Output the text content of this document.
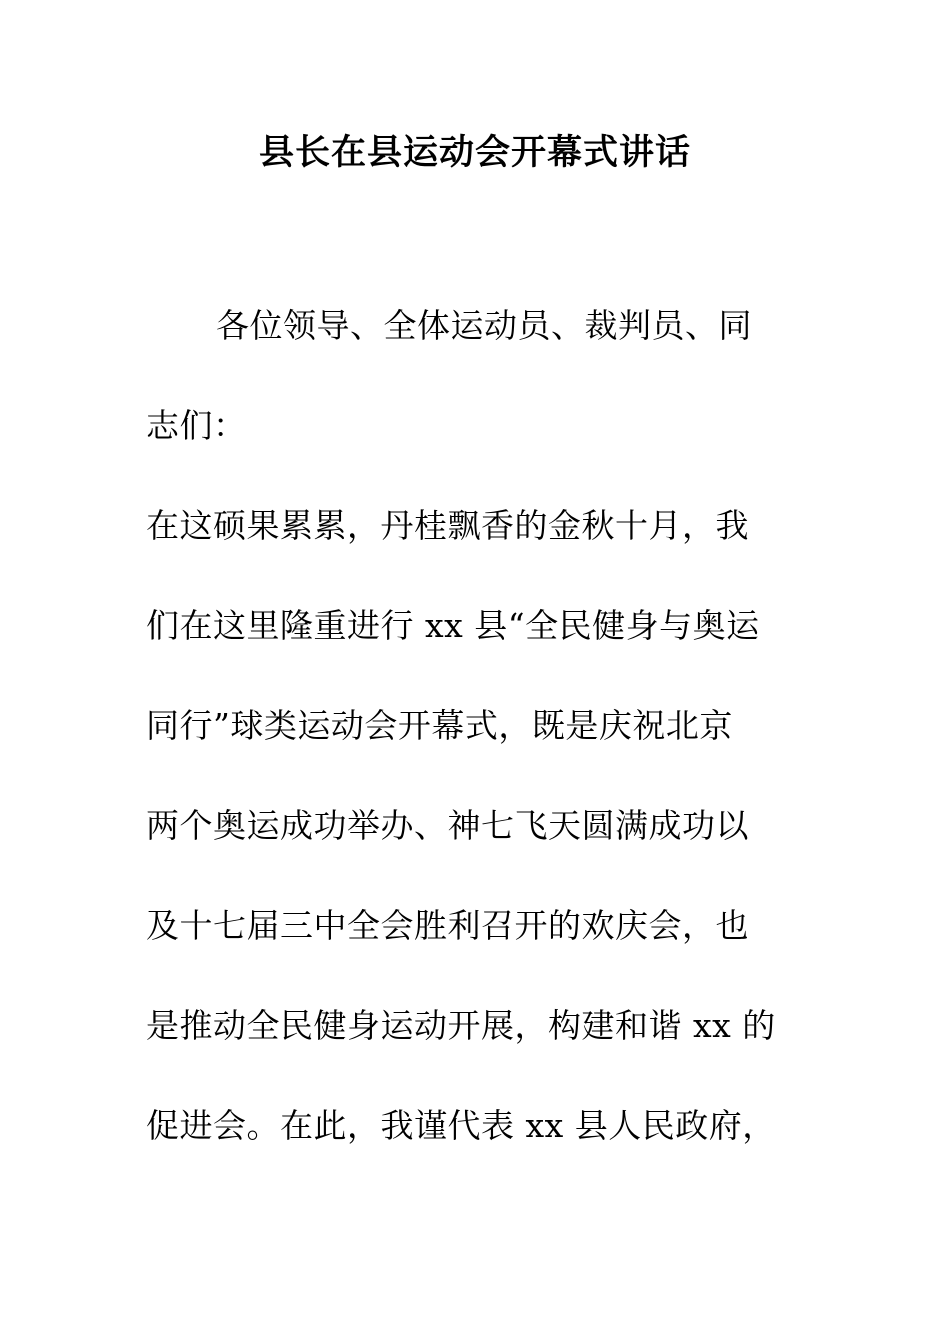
县长在县运动会开幕式讲话
各位领导、全体运动员、裁判员、同
志们：
在这硕果累累，丹桂飘香的金秋十月，我
们在这里隆重进行 xx 县“全民健身与奥运
同行”球类运动会开幕式，既是庆祝北京
两个奥运成功举办、神七飞天圆满成功以
及十七届三中全会胜利召开的欢庆会，也
是推动全民健身运动开展，构建和谐 xx 的
促进会。在此，我谨代表 xx 县人民政府，
